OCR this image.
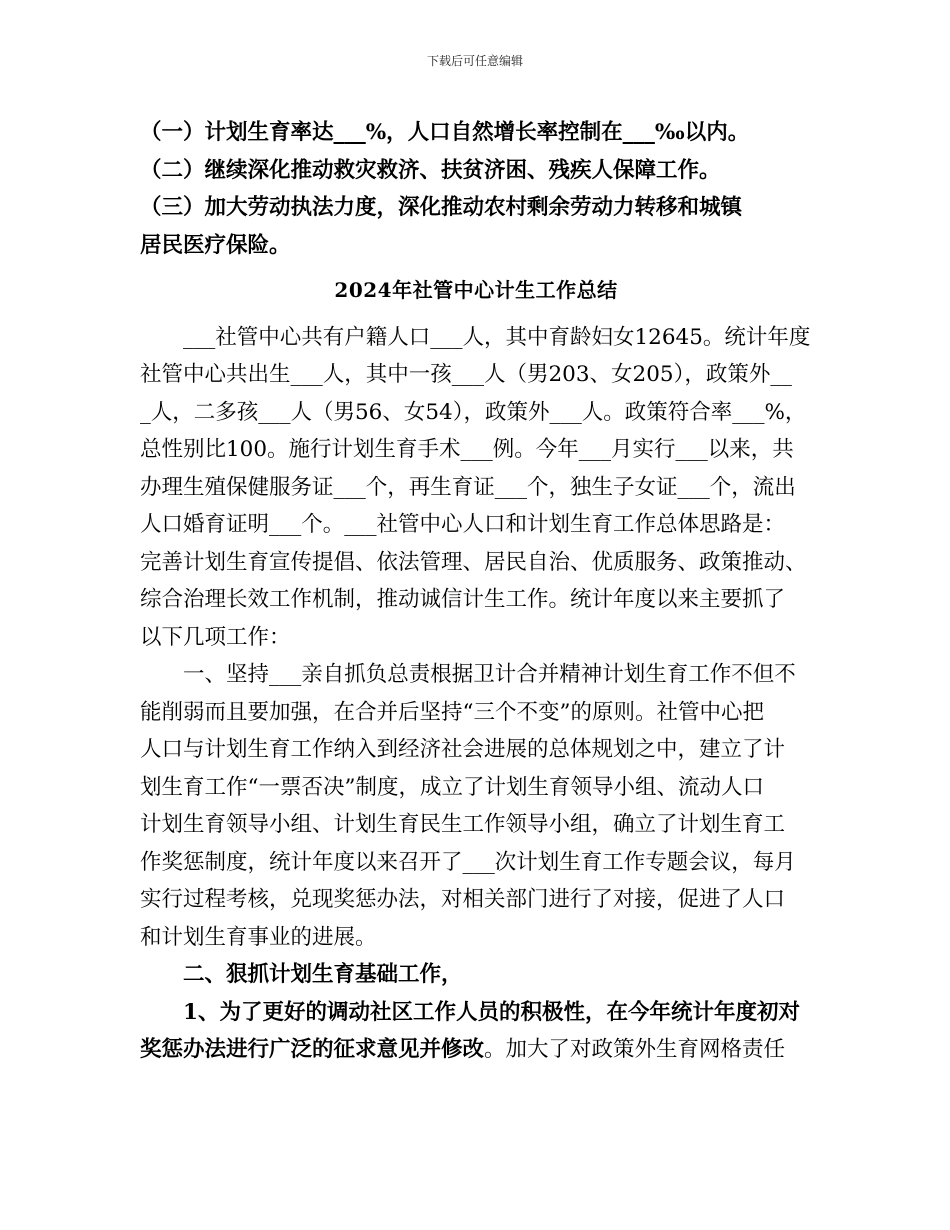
下载后可任意编辑
（一）计划生育率达___%，人口自然增长率控制在___‰以内。
（二）继续深化推动救灾救济、扶贫济困、残疾人保障工作。
（三）加大劳动执法力度，深化推动农村剩余劳动力转移和城镇
居民医疗保险。
2024年社管中心计生工作总结
　　___社管中心共有户籍人口___人，其中育龄妇女12645。统计年度
社管中心共出生___人，其中一孩___人（男203、女205），政策外__
_人，二多孩___人（男56、女54），政策外___人。政策符合率___%，
总性别比100。施行计划生育手术___例。今年___月实行___以来，共
办理生殖保健服务证___个，再生育证___个，独生子女证___个，流出
人口婚育证明___个。___社管中心人口和计划生育工作总体思路是：
完善计划生育宣传提倡、依法管理、居民自治、优质服务、政策推动、
综合治理长效工作机制，推动诚信计生工作。统计年度以来主要抓了
以下几项工作：
　　一、坚持___亲自抓负总责根据卫计合并精神计划生育工作不但不
能削弱而且要加强，在合并后坚持“三个不变”的原则。社管中心把
人口与计划生育工作纳入到经济社会进展的总体规划之中，建立了计
划生育工作“一票否决”制度，成立了计划生育领导小组、流动人口
计划生育领导小组、计划生育民生工作领导小组，确立了计划生育工
作奖惩制度，统计年度以来召开了___次计划生育工作专题会议，每月
实行过程考核，兑现奖惩办法，对相关部门进行了对接，促进了人口
和计划生育事业的进展。
　　二、狠抓计划生育基础工作，
　　1、为了更好的调动社区工作人员的积极性，在今年统计年度初对
奖惩办法进行广泛的征求意见并修改。加大了对政策外生育网格责任
